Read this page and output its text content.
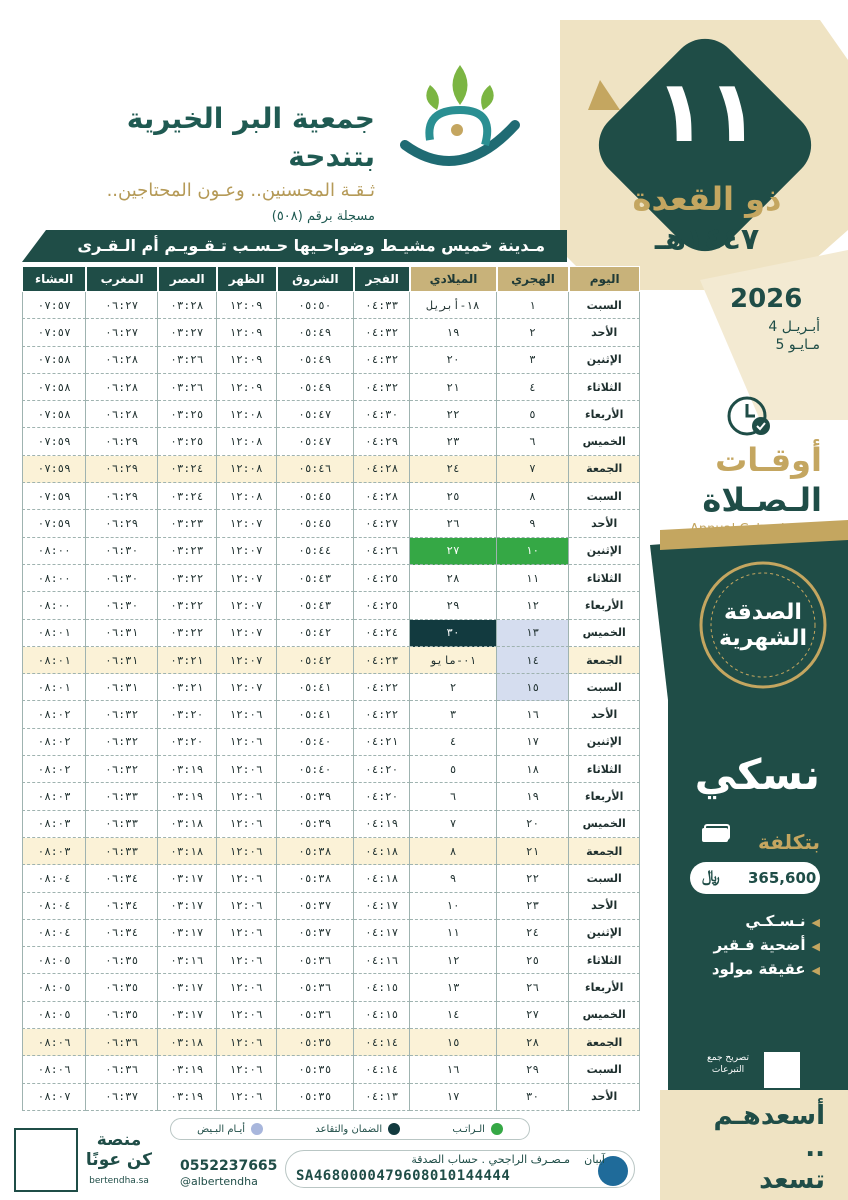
جمعية البر الخيرية بتندحة
ثـقـة المحسنين.. وعـون المحتاجين..
مسجلة برقم (٥٠٨)
مـدينة خميس مشيـط وضواحـيها حـسـب تـقـويـم أم الـقـرى
١١
ذو القعدة
١٤٤٧هـ
2026
أبـريـل 4
مـايـو 5
أوقـات
الـصـلاة
Annual Calendar
الصدقة الشهرية
نسكي
بتكلفة
﷼ 365,600
◀نـسـكـي
◀أضحية فـقير
◀عقيقة مولود
تصريح جمع التبرعات
أسعدهـم ..
تسعد
اليوم	الهجري	الميلادي	الفجر	الشروق	الظهر	العصر	المغرب	العشاء
السبت	١	١٨-أبريل	٠٤:٣٣	٠٥:٥٠	١٢:٠٩	٠٣:٢٨	٠٦:٢٧	٠٧:٥٧
الأحد	٢	١٩	٠٤:٣٢	٠٥:٤٩	١٢:٠٩	٠٣:٢٧	٠٦:٢٧	٠٧:٥٧
الإثنين	٣	٢٠	٠٤:٣٢	٠٥:٤٩	١٢:٠٩	٠٣:٢٦	٠٦:٢٨	٠٧:٥٨
الثلاثاء	٤	٢١	٠٤:٣٢	٠٥:٤٩	١٢:٠٩	٠٣:٢٦	٠٦:٢٨	٠٧:٥٨
الأربعاء	٥	٢٢	٠٤:٣٠	٠٥:٤٧	١٢:٠٨	٠٣:٢٥	٠٦:٢٨	٠٧:٥٨
الخميس	٦	٢٣	٠٤:٢٩	٠٥:٤٧	١٢:٠٨	٠٣:٢٥	٠٦:٢٩	٠٧:٥٩
الجمعة	٧	٢٤	٠٤:٢٨	٠٥:٤٦	١٢:٠٨	٠٣:٢٤	٠٦:٢٩	٠٧:٥٩
السبت	٨	٢٥	٠٤:٢٨	٠٥:٤٥	١٢:٠٨	٠٣:٢٤	٠٦:٢٩	٠٧:٥٩
الأحد	٩	٢٦	٠٤:٢٧	٠٥:٤٥	١٢:٠٧	٠٣:٢٣	٠٦:٢٩	٠٧:٥٩
الإثنين	١٠	٢٧	٠٤:٢٦	٠٥:٤٤	١٢:٠٧	٠٣:٢٣	٠٦:٣٠	٠٨:٠٠
الثلاثاء	١١	٢٨	٠٤:٢٥	٠٥:٤٣	١٢:٠٧	٠٣:٢٢	٠٦:٣٠	٠٨:٠٠
الأربعاء	١٢	٢٩	٠٤:٢٥	٠٥:٤٣	١٢:٠٧	٠٣:٢٢	٠٦:٣٠	٠٨:٠٠
الخميس	١٣	٣٠	٠٤:٢٤	٠٥:٤٢	١٢:٠٧	٠٣:٢٢	٠٦:٣١	٠٨:٠١
الجمعة	١٤	٠١-مايو	٠٤:٢٣	٠٥:٤٢	١٢:٠٧	٠٣:٢١	٠٦:٣١	٠٨:٠١
السبت	١٥	٢	٠٤:٢٢	٠٥:٤١	١٢:٠٧	٠٣:٢١	٠٦:٣١	٠٨:٠١
الأحد	١٦	٣	٠٤:٢٢	٠٥:٤١	١٢:٠٦	٠٣:٢٠	٠٦:٣٢	٠٨:٠٢
الإثنين	١٧	٤	٠٤:٢١	٠٥:٤٠	١٢:٠٦	٠٣:٢٠	٠٦:٣٢	٠٨:٠٢
الثلاثاء	١٨	٥	٠٤:٢٠	٠٥:٤٠	١٢:٠٦	٠٣:١٩	٠٦:٣٢	٠٨:٠٢
الأربعاء	١٩	٦	٠٤:٢٠	٠٥:٣٩	١٢:٠٦	٠٣:١٩	٠٦:٣٣	٠٨:٠٣
الخميس	٢٠	٧	٠٤:١٩	٠٥:٣٩	١٢:٠٦	٠٣:١٨	٠٦:٣٣	٠٨:٠٣
الجمعة	٢١	٨	٠٤:١٨	٠٥:٣٨	١٢:٠٦	٠٣:١٨	٠٦:٣٣	٠٨:٠٣
السبت	٢٢	٩	٠٤:١٨	٠٥:٣٨	١٢:٠٦	٠٣:١٧	٠٦:٣٤	٠٨:٠٤
الأحد	٢٣	١٠	٠٤:١٧	٠٥:٣٧	١٢:٠٦	٠٣:١٧	٠٦:٣٤	٠٨:٠٤
الإثنين	٢٤	١١	٠٤:١٧	٠٥:٣٧	١٢:٠٦	٠٣:١٧	٠٦:٣٤	٠٨:٠٤
الثلاثاء	٢٥	١٢	٠٤:١٦	٠٥:٣٦	١٢:٠٦	٠٣:١٦	٠٦:٣٥	٠٨:٠٥
الأربعاء	٢٦	١٣	٠٤:١٥	٠٥:٣٦	١٢:٠٦	٠٣:١٧	٠٦:٣٥	٠٨:٠٥
الخميس	٢٧	١٤	٠٤:١٥	٠٥:٣٦	١٢:٠٦	٠٣:١٧	٠٦:٣٥	٠٨:٠٥
الجمعة	٢٨	١٥	٠٤:١٤	٠٥:٣٥	١٢:٠٦	٠٣:١٨	٠٦:٣٦	٠٨:٠٦
السبت	٢٩	١٦	٠٤:١٤	٠٥:٣٥	١٢:٠٦	٠٣:١٩	٠٦:٣٦	٠٨:٠٦
الأحد	٣٠	١٧	٠٤:١٣	٠٥:٣٥	١٢:٠٦	٠٣:١٩	٠٦:٣٧	٠٨:٠٧
الـراتـب
الضمان والتقاعد
أيـام البـيض
مـصـرف الراجحي . حساب الصدقة	آيبان
SA4680000479608010144444
0552237665
@albertendha
منصة كن عونًا
bertendha.sa
